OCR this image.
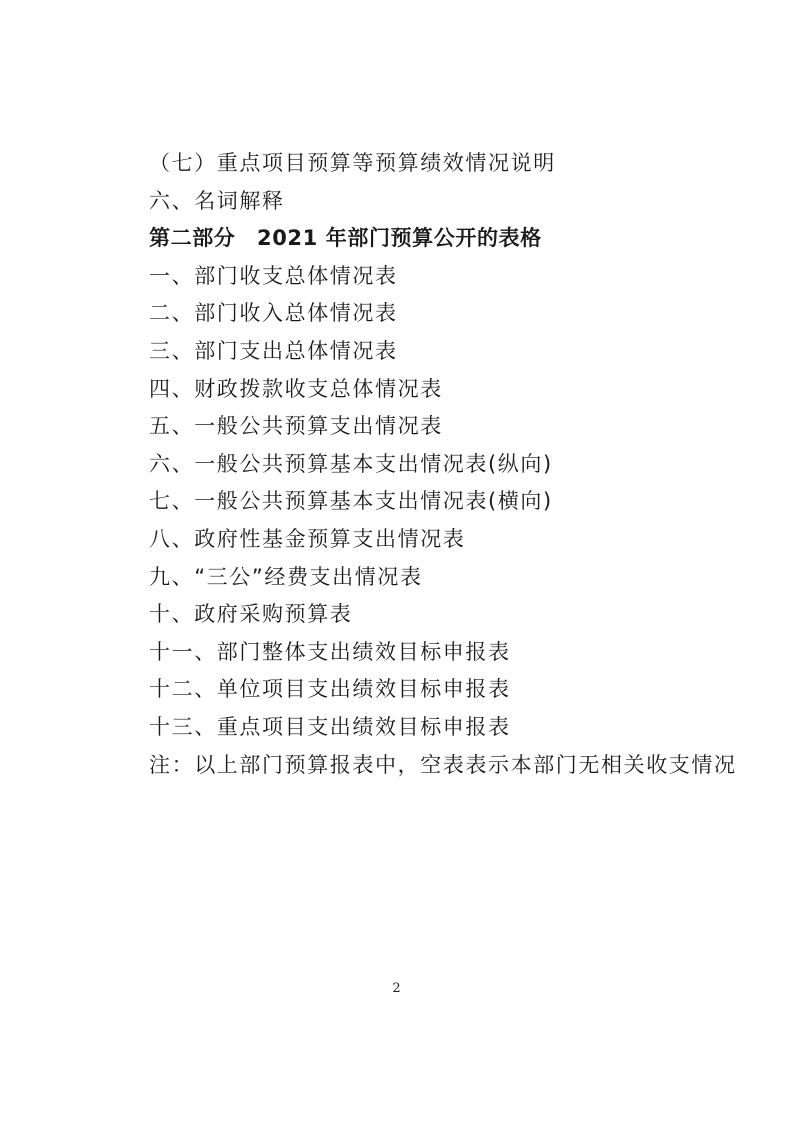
（七）重点项目预算等预算绩效情况说明
六、名词解释
第二部分　2021 年部门预算公开的表格
一、部门收支总体情况表
二、部门收入总体情况表
三、部门支出总体情况表
四、财政拨款收支总体情况表
五、一般公共预算支出情况表
六、一般公共预算基本支出情况表(纵向)
七、一般公共预算基本支出情况表(横向)
八、政府性基金预算支出情况表
九、“三公”经费支出情况表
十、政府采购预算表
十一、部门整体支出绩效目标申报表
十二、单位项目支出绩效目标申报表
十三、重点项目支出绩效目标申报表
注：以上部门预算报表中，空表表示本部门无相关收支情况
2
